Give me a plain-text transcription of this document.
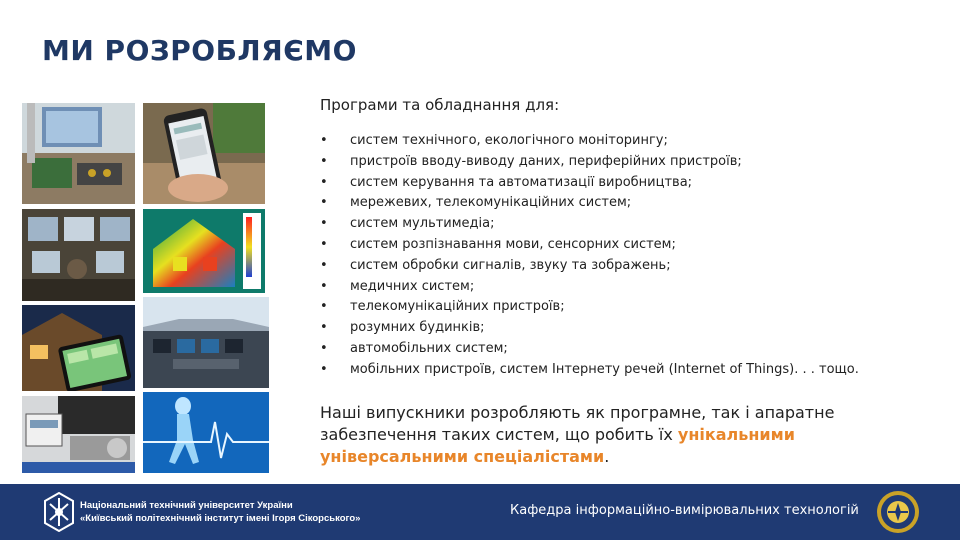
МИ РОЗРОБЛЯЄМО
Програми та обладнання для:
• систем технічного, екологічного моніторингу;
• пристроїв вводу-виводу даних, периферійних пристроїв;
• систем керування та автоматизації виробництва;
• мережевих, телекомунікаційних систем;
• систем мультимедіа;
• систем розпізнавання мови, сенсорних систем;
• систем обробки сигналів, звуку та зображень;
• медичних систем;
• телекомунікаційних пристроїв;
• розумних будинків;
• автомобільних систем;
• мобільних пристроїв, систем Інтернету речей (Internet of Things). . . тощо.
Наші випускники розробляють як програмне, так і апаратне забезпечення таких систем, що робить їх унікальними універсальними спеціалістами.
Національний технічний університет України
«Київський політехнічний інститут імені Ігоря Сікорського»
Кафедра інформаційно-вимірювальних технологій
